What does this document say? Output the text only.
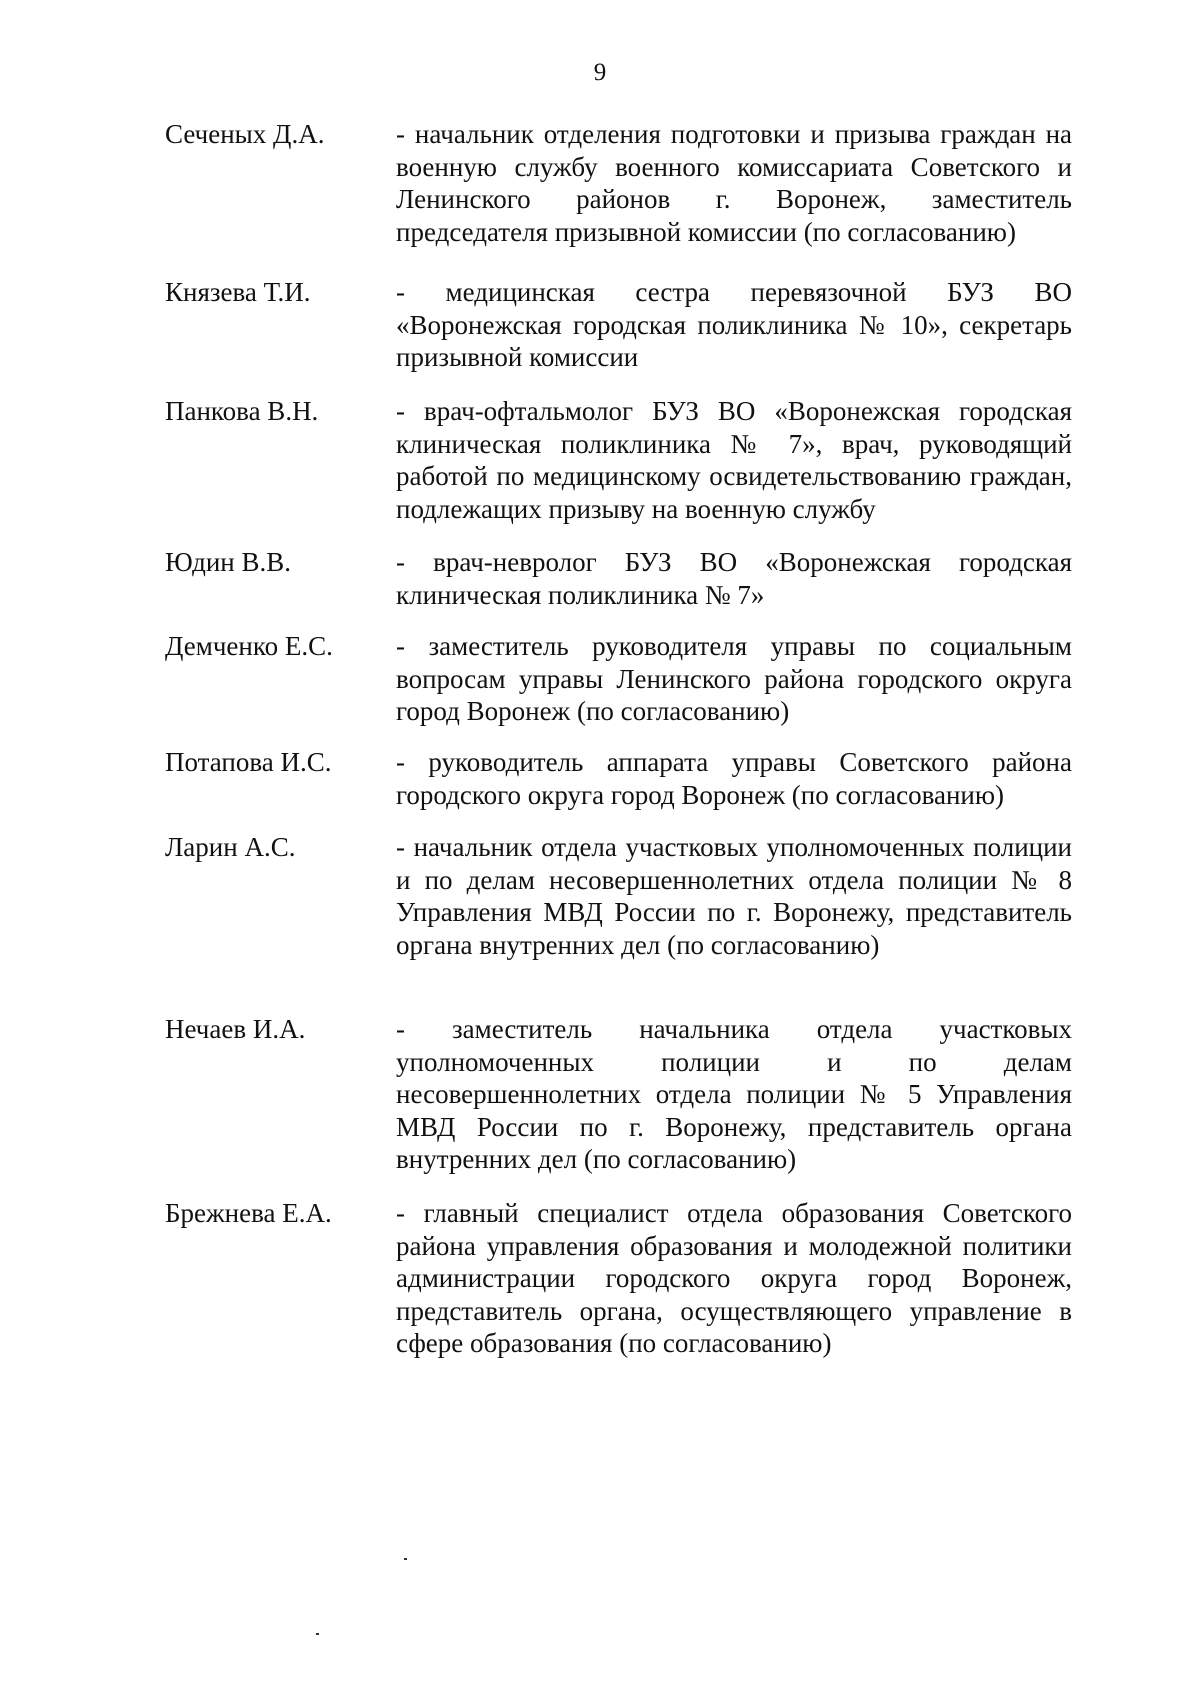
9
Сеченых Д.А.	- начальник отделения подготовки и призыва граждан на военную службу военного комиссариата Советского и Ленинского районов г. Воронеж, заместитель председателя призывной комиссии (по согласованию)
Князева Т.И.	- медицинская сестра перевязочной БУЗ ВО «Воронежская городская поликлиника № 10», секретарь призывной комиссии
Панкова В.Н.	- врач-офтальмолог БУЗ ВО «Воронежская городская клиническая поликлиника № 7», врач, руководящий работой по медицинскому освидетельствованию граждан, подлежащих призыву на военную службу
Юдин В.В.	- врач-невролог БУЗ ВО «Воронежская городская клиническая поликлиника № 7»
Демченко Е.С. - заместитель руководителя управы по социальным вопросам управы Ленинского района городского округа город Воронеж (по согласованию)
Потапова И.С. - руководитель аппарата управы Советского района городского округа город Воронеж (по согласованию)
Ларин А.С.	- начальник отдела участковых уполномоченных полиции и по делам несовершеннолетних отдела полиции № 8 Управления МВД России по г. Воронежу, представитель органа внутренних дел (по согласованию)
Нечаев И.А.	- заместитель начальника отдела участковых уполномоченных полиции и по делам несовершеннолетних отдела полиции № 5 Управления МВД России по г. Воронежу, представитель органа внутренних дел (по согласованию)
Брежнева Е.А. - главный специалист отдела образования Советского района управления образования и молодежной политики администрации городского округа город Воронеж, представитель органа, осуществляющего управление в сфере образования (по согласованию)
